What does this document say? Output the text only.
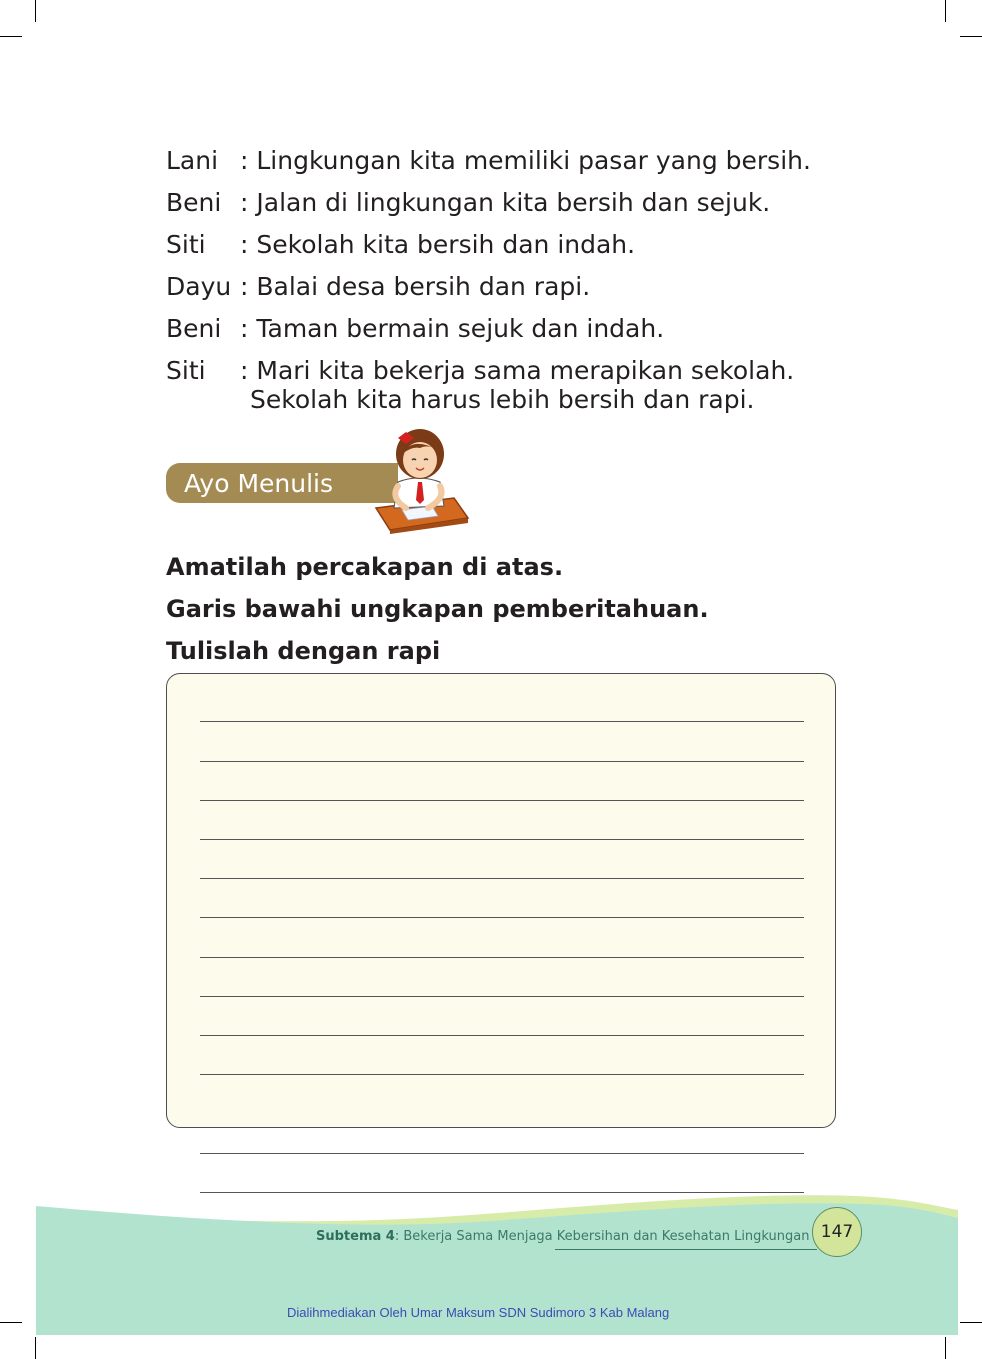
Lani : Lingkungan kita memiliki pasar yang bersih.
Beni : Jalan di lingkungan kita bersih dan sejuk.
Siti	: Sekolah kita bersih dan indah.
Dayu : Balai desa bersih dan rapi.
Beni : Taman bermain sejuk dan indah.
Siti	: Mari kita bekerja sama merapikan sekolah.
Sekolah kita harus lebih bersih dan rapi.
Ayo Menulis
Amatilah percakapan di atas.
Garis bawahi ungkapan pemberitahuan.
Tulislah dengan rapi
Subtema 4: Bekerja Sama Menjaga Kebersihan dan Kesehatan Lingkungan 147
Dialihmediakan Oleh Umar Maksum SDN Sudimoro 3 Kab Malang
